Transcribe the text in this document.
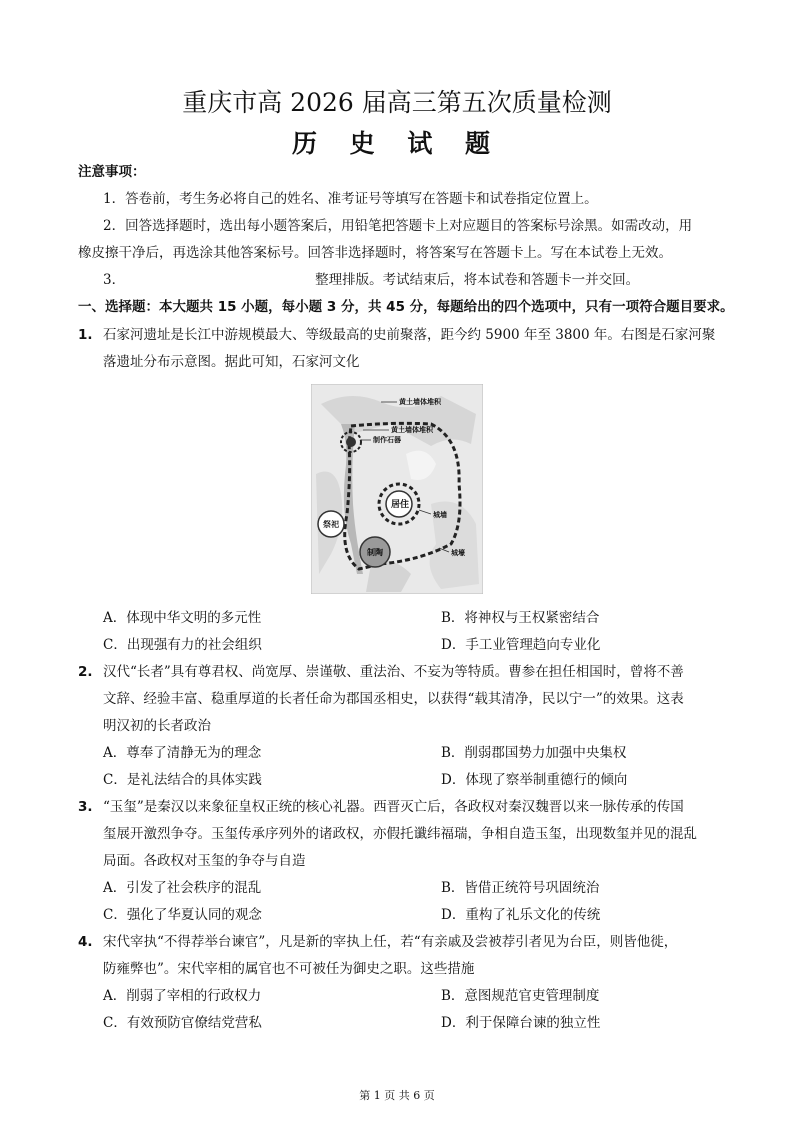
重庆市高 2026 届高三第五次质量检测
历 史 试 题
注意事项：
1．答卷前，考生务必将自己的姓名、准考证号等填写在答题卡和试卷指定位置上。
2．回答选择题时，选出每小题答案后，用铅笔把答题卡上对应题目的答案标号涂黑。如需改动，用
橡皮擦干净后，再选涂其他答案标号。回答非选择题时，将答案写在答题卡上。写在本试卷上无效。
3．	整理排版。考试结束后，将本试卷和答题卡一并交回。
一、选择题：本大题共 15 小题，每小题 3 分，共 45 分，每题给出的四个选项中，只有一项符合题目要求。
1. 石家河遗址是长江中游规模最大、等级最高的史前聚落，距今约 5900 年至 3800 年。右图是石家河聚
落遗址分布示意图。据此可知，石家河文化
黄土墙体堆积
黄土墙体堆积
制作石器
居住
祭祀
制陶
城墙
城壕
A．体现中华文明的多元性	B．将神权与王权紧密结合
C．出现强有力的社会组织	D．手工业管理趋向专业化
2. 汉代“长者”具有尊君权、尚宽厚、崇谨敬、重法治、不妄为等特质。曹参在担任相国时，曾将不善
文辞、经验丰富、稳重厚道的长者任命为郡国丞相史，以获得“载其清净，民以宁一”的效果。这表
明汉初的长者政治
A．尊奉了清静无为的理念	B．削弱郡国势力加强中央集权
C．是礼法结合的具体实践	D．体现了察举制重德行的倾向
3. “玉玺”是秦汉以来象征皇权正统的核心礼器。西晋灭亡后，各政权对秦汉魏晋以来一脉传承的传国
玺展开激烈争夺。玉玺传承序列外的诸政权，亦假托谶纬福瑞，争相自造玉玺，出现数玺并见的混乱
局面。各政权对玉玺的争夺与自造
A．引发了社会秩序的混乱	B．皆借正统符号巩固统治
C．强化了华夏认同的观念	D．重构了礼乐文化的传统
4. 宋代宰执“不得荐举台谏官”，凡是新的宰执上任，若“有亲戚及尝被荐引者见为台臣，则皆他徙，
防雍弊也”。宋代宰相的属官也不可被任为御史之职。这些措施
A．削弱了宰相的行政权力	B．意图规范官吏管理制度
C．有效预防官僚结党营私	D．利于保障台谏的独立性
第 1 页 共 6 页
